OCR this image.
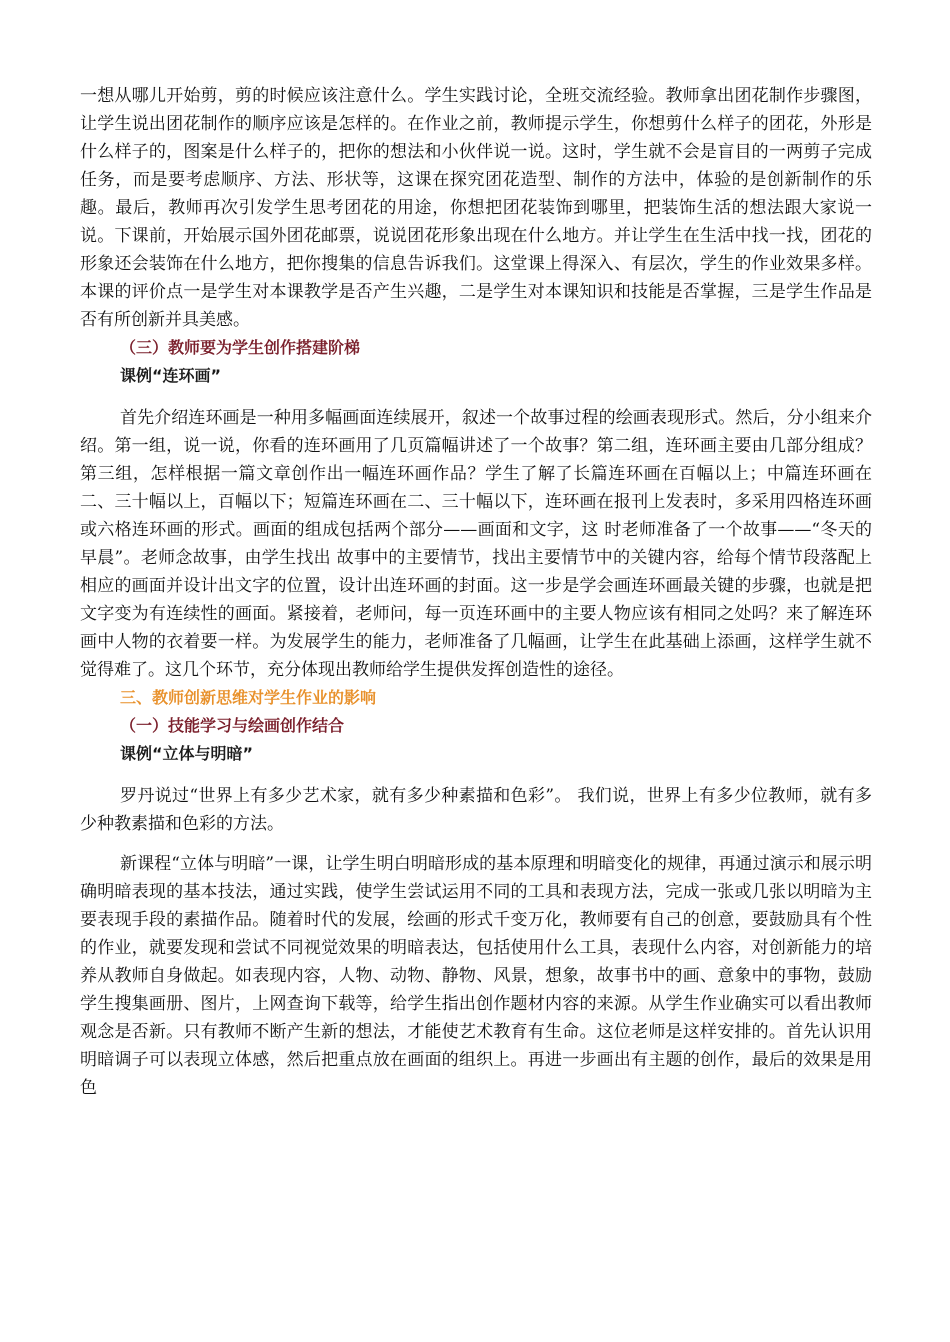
一想从哪儿开始剪，剪的时候应该注意什么。学生实践讨论，全班交流经验。教师拿出团花制作步骤图，让学生说出团花制作的顺序应该是怎样的。在作业之前，教师提示学生，你想剪什么样子的团花，外形是什么样子的，图案是什么样子的，把你的想法和小伙伴说一说。这时，学生就不会是盲目的一两剪子完成任务，而是要考虑顺序、方法、形状等，这课在探究团花造型、制作的方法中，体验的是创新制作的乐趣。最后，教师再次引发学生思考团花的用途，你想把团花装饰到哪里，把装饰生活的想法跟大家说一说。下课前，开始展示国外团花邮票，说说团花形象出现在什么地方。并让学生在生活中找一找，团花的形象还会装饰在什么地方，把你搜集的信息告诉我们。这堂课上得深入、有层次，学生的作业效果多样。本课的评价点一是学生对本课教学是否产生兴趣，二是学生对本课知识和技能是否掌握，三是学生作品是否有所创新并具美感。

（三）教师要为学生创作搭建阶梯

课例“连环画”

首先介绍连环画是一种用多幅画面连续展开，叙述一个故事过程的绘画表现形式。然后，分小组来介绍。第一组，说一说，你看的连环画用了几页篇幅讲述了一个故事？第二组，连环画主要由几部分组成？第三组，怎样根据一篇文章创作出一幅连环画作品？学生了解了长篇连环画在百幅以上；中篇连环画在二、三十幅以上，百幅以下；短篇连环画在二、三十幅以下，连环画在报刊上发表时，多采用四格连环画或六格连环画的形式。画面的组成包括两个部分——画面和文字，这 时老师准备了一个故事——“冬天的早晨”。老师念故事，由学生找出 故事中的主要情节，找出主要情节中的关键内容，给每个情节段落配上相应的画面并设计出文字的位置，设计出连环画的封面。这一步是学会画连环画最关键的步骤，也就是把文字变为有连续性的画面。紧接着，老师问，每一页连环画中的主要人物应该有相同之处吗？来了解连环画中人物的衣着要一样。为发展学生的能力，老师准备了几幅画，让学生在此基础上添画，这样学生就不觉得难了。这几个环节，充分体现出教师给学生提供发挥创造性的途径。

三、教师创新思维对学生作业的影响

（一）技能学习与绘画创作结合

课例“立体与明暗”

罗丹说过“世界上有多少艺术家，就有多少种素描和色彩”。 我们说，世界上有多少位教师，就有多少种教素描和色彩的方法。

新课程“立体与明暗”一课，让学生明白明暗形成的基本原理和明暗变化的规律，再通过演示和展示明确明暗表现的基本技法，通过实践，使学生尝试运用不同的工具和表现方法，完成一张或几张以明暗为主要表现手段的素描作品。随着时代的发展，绘画的形式千变万化，教师要有自己的创意，要鼓励具有个性的作业，就要发现和尝试不同视觉效果的明暗表达，包括使用什么工具，表现什么内容，对创新能力的培养从教师自身做起。如表现内容，人物、动物、静物、风景，想象，故事书中的画、意象中的事物，鼓励学生搜集画册、图片，上网查询下载等，给学生指出创作题材内容的来源。从学生作业确实可以看出教师观念是否新。只有教师不断产生新的想法，才能使艺术教育有生命。这位老师是这样安排的。首先认识用明暗调子可以表现立体感，然后把重点放在画面的组织上。再进一步画出有主题的创作，最后的效果是用色
